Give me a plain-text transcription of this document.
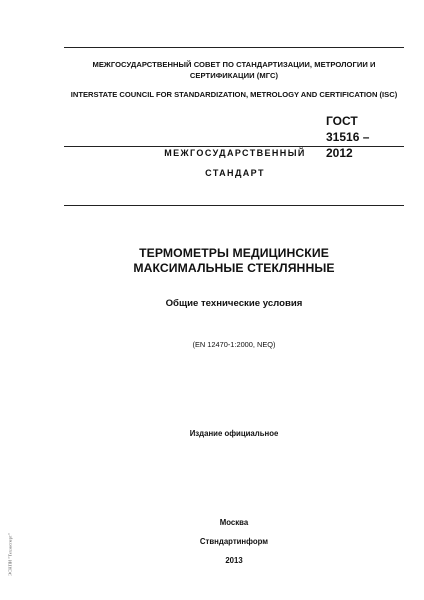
МЕЖГОСУДАРСТВЕННЫЙ СОВЕТ ПО СТАНДАРТИЗАЦИИ, МЕТРОЛОГИИ И СЕРТИФИКАЦИИ (МГС)
INTERSTATE COUNCIL FOR STANDARDIZATION, METROLOGY AND CERTIFICATION (ISC)
МЕЖГОСУДАРСТВЕННЫЙ
СТАНДАРТ
ГОСТ
31516 –
2012
ТЕРМОМЕТРЫ МЕДИЦИНСКИЕ
МАКСИМАЛЬНЫЕ СТЕКЛЯННЫЕ
Общие технические условия
(EN 12470-1:2000, NEQ)
Издание официальное
Москва
Ствндартинформ
2013
ЭСНПИ "Техэксперт"
